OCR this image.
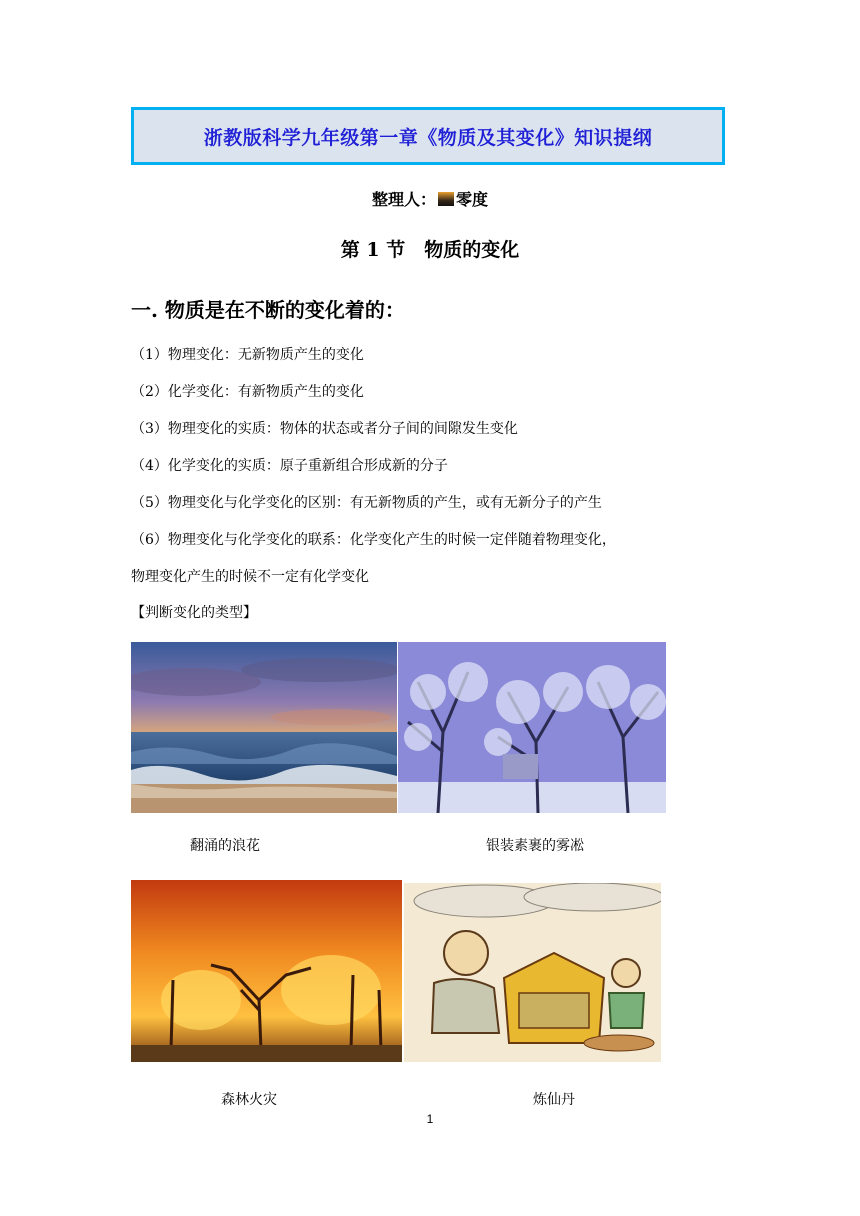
浙教版科学九年级第一章《物质及其变化》知识提纲
整理人： 零度
第 1 节　物质的变化
一. 物质是在不断的变化着的：
（1）物理变化：无新物质产生的变化
（2）化学变化：有新物质产生的变化
（3）物理变化的实质：物体的状态或者分子间的间隙发生变化
（4）化学变化的实质：原子重新组合形成新的分子
（5）物理变化与化学变化的区别：有无新物质的产生，或有无新分子的产生
（6）物理变化与化学变化的联系：化学变化产生的时候一定伴随着物理变化，
物理变化产生的时候不一定有化学变化
【判断变化的类型】
翻涌的浪花	银装素裹的雾凇
森林火灾	炼仙丹
1
